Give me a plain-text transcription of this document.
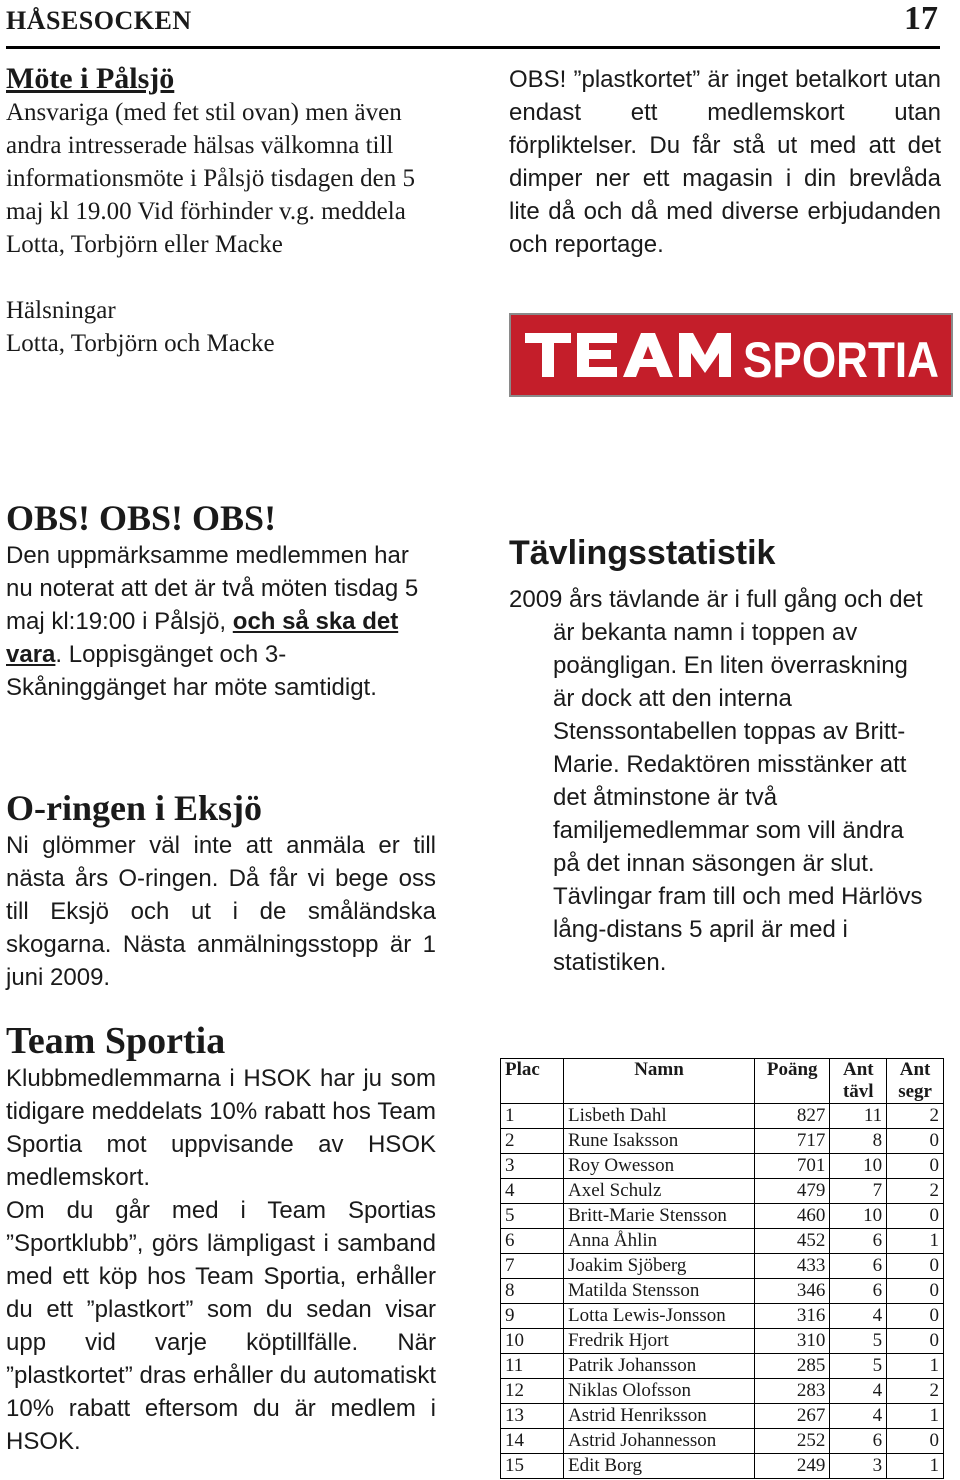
HÅSESOCKEN	17
Möte i Pålsjö

Ansvariga (med fet stil ovan) men även andra intresserade hälsas välkomna till informationsmöte i Pålsjö tisdagen den 5 maj kl 19.00 Vid förhinder v.g. meddela Lotta, Torbjörn eller Macke

Hälsningar
Lotta, Torbjörn och Macke

OBS! ”plastkortet” är inget betalkort utan endast ett medlemskort utan förpliktelser. Du får stå ut med att det dimper ner ett magasin i din brevlåda lite då och då med diverse erbjudanden och reportage.

SPORTIA
OBS! OBS! OBS!

Den uppmärksamme medlemmen har nu noterat att det är två möten tisdag 5 maj kl:19:00 i Pålsjö, och så ska det vara. Loppisgänget och 3-Skåninggänget har möte samtidigt.

O-ringen i Eksjö

Ni glömmer väl inte att anmäla er till nästa års O-ringen. Då får vi bege oss till Eksjö och ut i de småländska skogarna. Nästa anmälningsstopp är 1 juni 2009.

Team Sportia

Klubbmedlemmarna i HSOK har ju som tidigare meddelats 10% rabatt hos Team Sportia mot uppvisande av HSOK medlemskort.

Om du går med i Team Sportias ”Sportklubb”, görs lämpligast i samband med ett köp hos Team Sportia, erhåller du ett ”plastkort” som du sedan visar upp vid varje köptillfälle. När ”plastkortet” dras erhåller du automatiskt 10% rabatt eftersom du är medlem i HSOK.

Tävlingsstatistik

2009 års tävlande är i full gång och det är bekanta namn i toppen av poängligan. En liten överraskning är dock att den interna Stenssontabellen toppas av Britt-Marie. Redaktören misstänker att det åtminstone är två familjemedlemmar som vill ändra på det innan säsongen är slut. Tävlingar fram till och med Härlövs lång-distans 5 april är med i statistiken.

Plac	Namn	Poäng	Ant tävl	Ant segr
1	Lisbeth Dahl	827	11	2
2	Rune Isaksson	717	8	0
3	Roy Owesson	701	10	0
4	Axel Schulz	479	7	2
5	Britt-Marie Stensson	460	10	0
6	Anna Åhlin	452	6	1
7	Joakim Sjöberg	433	6	0
8	Matilda Stensson	346	6	0
9	Lotta Lewis-Jonsson	316	4	0
10	Fredrik Hjort	310	5	0
11	Patrik Johansson	285	5	1
12	Niklas Olofsson	283	4	2
13	Astrid Henriksson	267	4	1
14	Astrid Johannesson	252	6	0
15	Edit Borg	249	3	1
